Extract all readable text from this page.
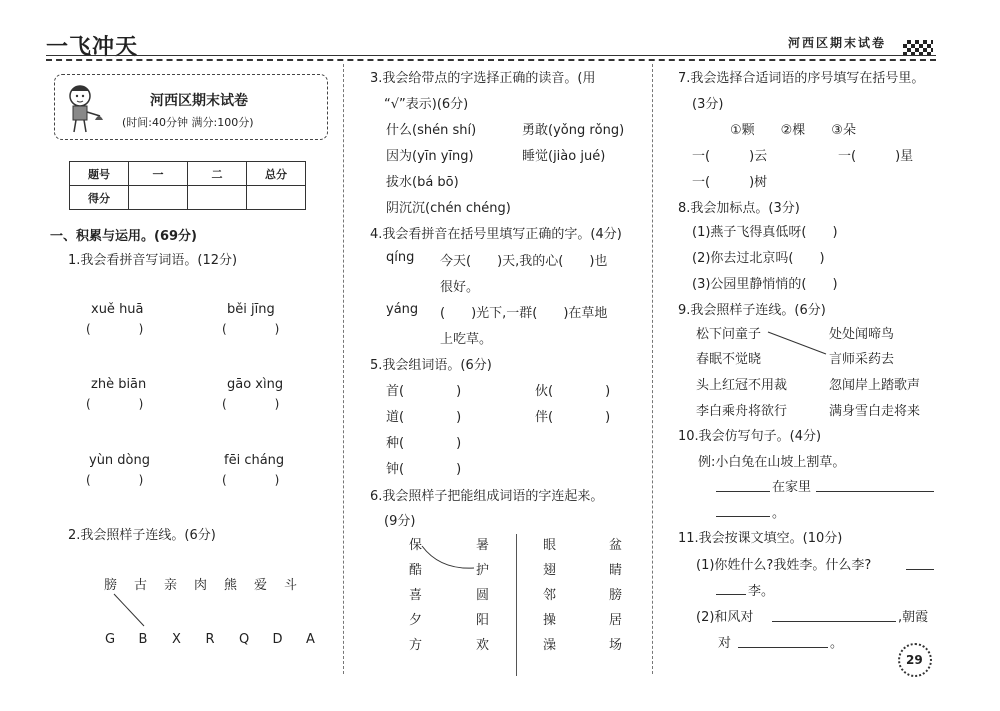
一飞冲天	河西区期末试卷
河西区期末试卷
(时间:40分钟 满分:100分)
题号	一	二	总分
得分			
一、积累与运用。(69分)
1.我会看拼音写词语。(12分)
xuě huā
(　　　　)
běi jīng
(　　　　)
zhè biān
(　　　　)
gāo xìng
(　　　　)
yùn dòng
(　　　　)
fēi cháng
(　　　　)
2.我会照样子连线。(6分)
膀 古 亲 肉 熊 爱 斗
G B X R Q D A
3.我会给带点的字选择正确的读音。(用
“√”表示)(6分)
什么(shén shí)	勇敢(yǒng rǒng)
因为(yīn yīng)	睡觉(jiào jué)
拔水(bá bō)
阴沉沉(chén chéng)
4.我会看拼音在括号里填写正确的字。(4分)
qíng 今天(　　)天,我的心(　　)也
很好。
yáng (　　)光下,一群(　　)在草地
上吃草。
5.我会组词语。(6分)
首(　　　　)	伙(　　　　)
道(　　　　)	伴(　　　　)
种(　　　　)
钟(　　　　)
6.我会照样子把能组成词语的字连起来。
(9分)
保
酷
喜
夕
方
暑
护
圆
阳
欢
眼
翅
邻
操
澡
盆
睛
膀
居
场
7.我会选择合适词语的序号填写在括号里。
(3分)
①颗　　②棵　　③朵
一(　　　)云	一(　　　)星
一(　　　)树
8.我会加标点。(3分)
(1)燕子飞得真低呀(　　)
(2)你去过北京吗(　　)
(3)公园里静悄悄的(　　)
9.我会照样子连线。(6分)
松下问童子
春眠不觉晓
头上红冠不用裁
李白乘舟将欲行
处处闻啼鸟
言师采药去
忽闻岸上踏歌声
满身雪白走将来
10.我会仿写句子。(4分)
例:小白兔在山坡上割草。
在家里
。
11.我会按课文填空。(10分)
(1)你姓什么?我姓李。什么李?
李。
(2)和风对	,朝霞
对	。
29
